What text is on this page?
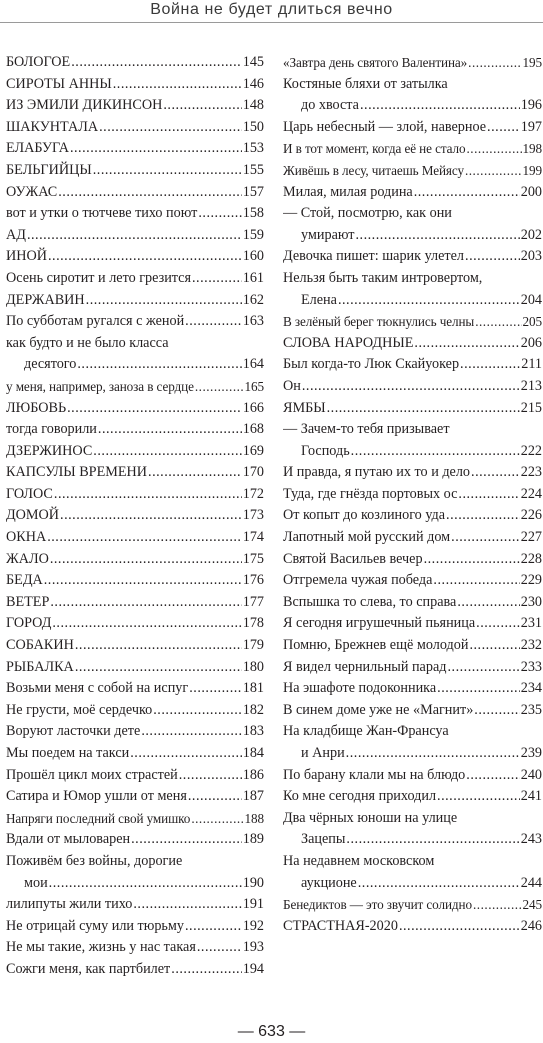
Война не будет длиться вечно
БОЛОГОЕ .....	145
СИРОТЫ АННЫ .....	146
ИЗ ЭМИЛИ ДИКИНСОН .....	148
ШАКУНТАЛА .....	150
ЕЛАБУГА .....	153
БЕЛЬГИЙЦЫ .....	155
ОУЖАС .....	157
вот и утки о тютчеве тихо поют .....	158
АД .....	159
ИНОЙ .....	160
Осень сиротит и лето грезится .....	161
ДЕРЖАВИН .....	162
По субботам ругался с женой .....	163
как будто и не было класса
десятого .....	164
у меня, например, заноза в сердце .....	165
ЛЮБОВЬ .....	166
тогда говорили .....	168
ДЗЕРЖИНОС .....	169
КАПСУЛЫ ВРЕМЕНИ .....	170
ГОЛОС .....	172
ДОМОЙ .....	173
ОКНА .....	174
ЖАЛО .....	175
БЕДА .....	176
ВЕТЕР .....	177
ГОРОД .....	178
СОБАКИН .....	179
РЫБАЛКА .....	180
Возьми меня с собой на испуг .....	181
Не грусти, моё сердечко .....	182
Воруют ласточки дете .....	183
Мы поедем на такси .....	184
Прошёл цикл моих страстей .....	186
Сатира и Юмор ушли от меня .....	187
Напряги последний свой умишко .....	188
Вдали от мыловарен .....	189
Поживём без войны, дорогие
мои .....	190
лилипуты жили тихо .....	191
Не отрицай суму или тюрьму .....	192
Не мы такие, жизнь у нас такая .....	193
Сожги меня, как партбилет .....	194
«Завтра день святого Валентина» .....	195
Костяные бляхи от затылка
до хвоста .....	196
Царь небесный — злой, наверное ..... 197
И в тот момент, когда её не стало .....	198
Живёшь в лесу, читаешь Мейясу .....	199
Милая, милая родина .....	200
— Стой, посмотрю, как они
умирают .....	202
Девочка пишет: шарик улетел .....	203
Нельзя быть таким интровертом,
Елена .....	204
В зелёный берег тюкнулись челны .....	205
СЛОВА НАРОДНЫЕ .....	206
Был когда-то Люк Скайуокер .....	211
Он .....	213
ЯМБЫ .....	215
— Зачем-то тебя призывает
Господь .....	222
И правда, я путаю их то и дело .....	223
Туда, где гнёзда портовых ос .....	224
От копыт до козлиного уда .....	226
Лапотный мой русский дом .....	227
Святой Васильев вечер .....	228
Отгремела чужая победа .....	229
Вспышка то слева, то справа .....	230
Я сегодня игрушечный пьяница .....	231
Помню, Брежнев ещё молодой .....	232
Я видел чернильный парад .....	233
На эшафоте подоконника .....	234
В синем доме уже не «Магнит» .....	235
На кладбище Жан-Франсуа
и Анри .....	239
По барану клали мы на блюдо .....	240
Ко мне сегодня приходил .....	241
Два чёрных юноши на улице
Зацепы .....	243
На недавнем московском
аукционе .....	244
Бенедиктов — это звучит солидно .....	245
СТРАСТНАЯ-2020 .....	246
— 633 —
